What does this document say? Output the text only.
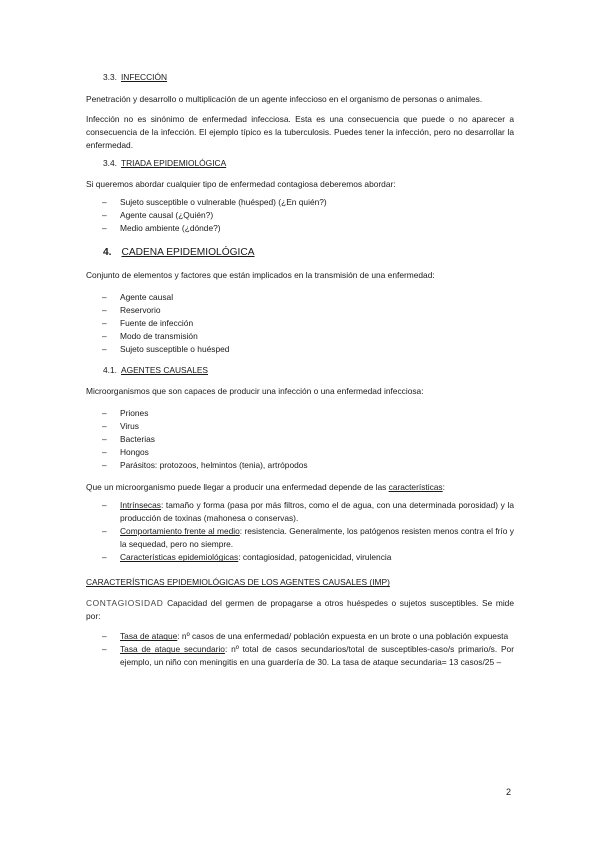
3.3. INFECCIÓN

Penetración y desarrollo o multiplicación de un agente infeccioso en el organismo de personas o animales.

Infección no es sinónimo de enfermedad infecciosa. Esta es una consecuencia que puede o no aparecer a consecuencia de la infección. El ejemplo típico es la tuberculosis. Puedes tener la infección, pero no desarrollar la enfermedad.

3.4. TRIADA EPIDEMIOLÓGICA

Si queremos abordar cualquier tipo de enfermedad contagiosa deberemos abordar:

– Sujeto susceptible o vulnerable (huésped) (¿En quién?)
– Agente causal (¿Quién?)
– Medio ambiente (¿dónde?)
4. CADENA EPIDEMIOLÓGICA

Conjunto de elementos y factores que están implicados en la transmisión de una enfermedad:

– Agente causal
– Reservorio
– Fuente de infección
– Modo de transmisión
– Sujeto susceptible o huésped
4.1. AGENTES CAUSALES

Microorganismos que son capaces de producir una infección o una enfermedad infecciosa:

– Priones
– Virus
– Bacterias
– Hongos
– Parásitos: protozoos, helmintos (tenia), artrópodos

Que un microorganismo puede llegar a producir una enfermedad depende de las características:

– Intrínsecas: tamaño y forma (pasa por más filtros, como el de agua, con una determinada porosidad) y la producción de toxinas (mahonesa o conservas).
– Comportamiento frente al medio: resistencia. Generalmente, los patógenos resisten menos contra el frío y la sequedad, pero no siempre.
– Características epidemiológicas: contagiosidad, patogenicidad, virulencia

CARACTERÍSTICAS EPIDEMIOLÓGICAS DE LOS AGENTES CAUSALES (IMP)

CONTAGIOSIDAD Capacidad del germen de propagarse a otros huéspedes o sujetos susceptibles. Se mide por:

– Tasa de ataque: nº casos de una enfermedad/ población expuesta en un brote o una población expuesta
– Tasa de ataque secundario: nº total de casos secundarios/total de susceptibles-caso/s primario/s. Por ejemplo, un niño con meningitis en una guardería de 30. La tasa de ataque secundaria= 13 casos/25 –
2
